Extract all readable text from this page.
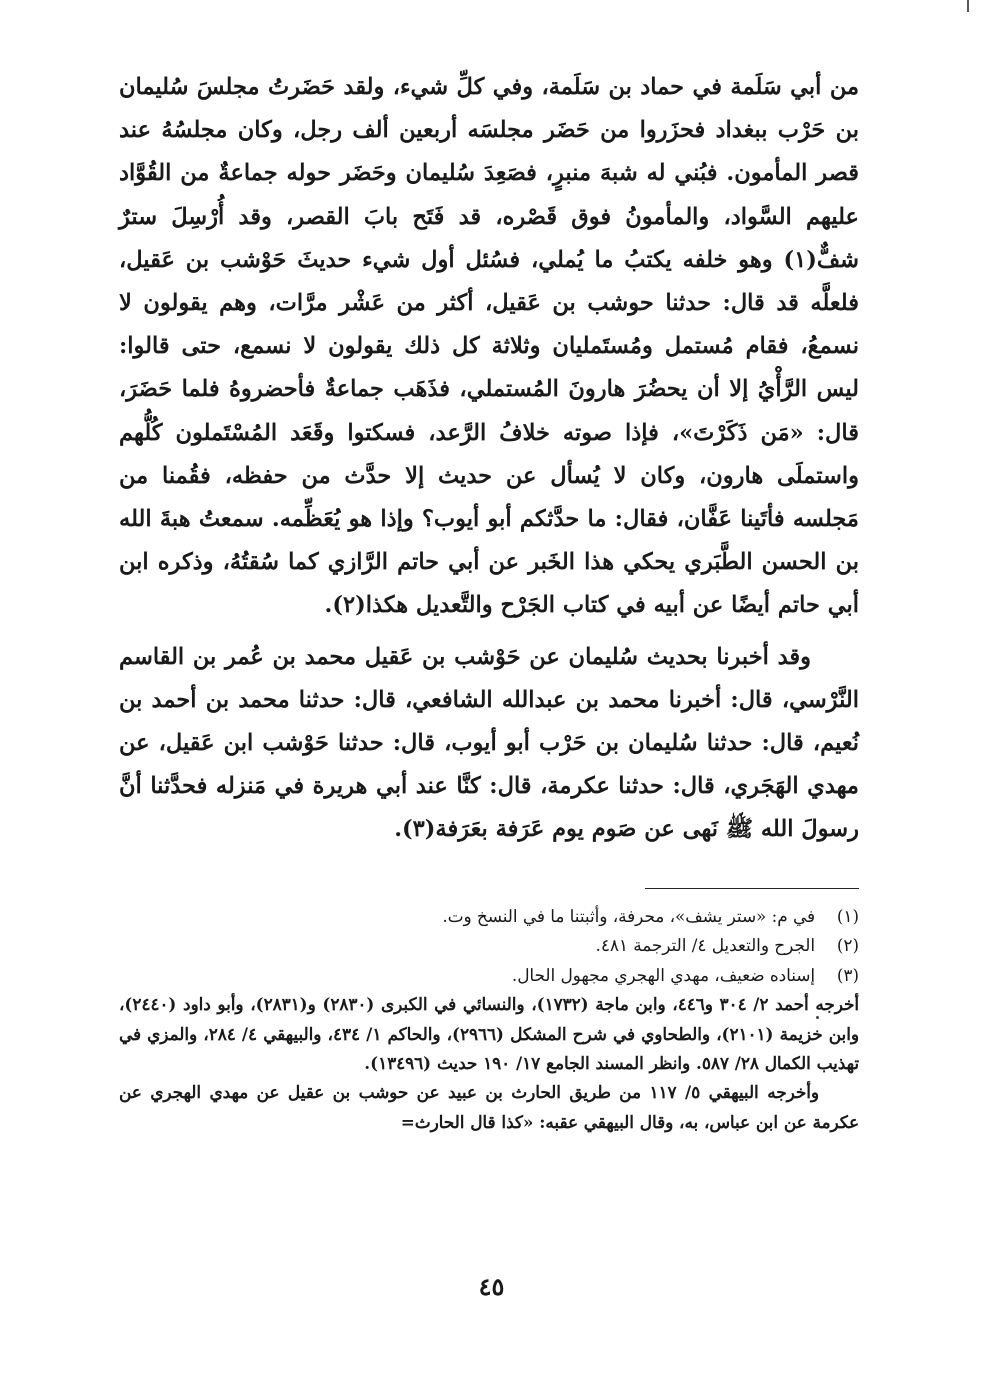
من أبي سَلَمة في حماد بن سَلَمة، وفي كلِّ شيء، ولقد حَضَرتُ مجلسَ سُليمان بن حَرْب ببغداد فحزَروا من حَضَر مجلسَه أربعين ألف رجل، وكان مجلسُهُ عند قصر المأمون. فبُني له شبهَ منبرٍ، فصَعِدَ سُليمان وحَضَر حوله جماعةٌ من القُوَّاد عليهم السَّواد، والمأمونُ فوق قَصْره، قد فَتَح بابَ القصر، وقد أُرْسِلَ سترٌ شفٌّ(١) وهو خلفه يكتبُ ما يُملي، فسُئل أول شيء حديثَ حَوْشب بن عَقيل، فلعلَّه قد قال: حدثنا حوشب بن عَقيل، أكثر من عَشْر مرَّات، وهم يقولون لا نسمعُ، فقام مُستمل ومُستَمليان وثلاثة كل ذلك يقولون لا نسمع، حتى قالوا: ليس الرَّأْيُ إلا أن يحضُرَ هارونَ المُستملي، فذَهَب جماعةٌ فأحضروهُ فلما حَضَرَ، قال: «مَن ذَكَرْتَ»، فإذا صوته خلافُ الرَّعد، فسكتوا وقَعَد المُسْتَملون كُلُّهم واستملَى هارون، وكان لا يُسأل عن حديث إلا حدَّث من حفظه، فقُمنا من مَجلسه فأتَينا عَفَّان، فقال: ما حدَّثكم أبو أيوب؟ وإذا هو يُعَظِّمه. سمعتُ هبةَ الله بن الحسن الطَّبَري يحكي هذا الخَبر عن أبي حاتم الرَّازي كما سُقتُهُ، وذكره ابن أبي حاتم أيضًا عن أبيه في كتاب الجَرْح والتَّعديل هكذا(٢).

وقد أخبرنا بحديث سُليمان عن حَوْشب بن عَقيل محمد بن عُمر بن القاسم النَّرْسي، قال: أخبرنا محمد بن عبدالله الشافعي، قال: حدثنا محمد بن أحمد بن نُعيم، قال: حدثنا سُليمان بن حَرْب أبو أيوب، قال: حدثنا حَوْشب ابن عَقيل، عن مهدي الهَجَري، قال: حدثنا عكرمة، قال: كنَّا عند أبي هريرة في مَنزله فحدَّثنا أنَّ رسولَ الله ﷺ نَهى عن صَوم يوم عَرَفة بعَرَفة(٣).

(١)
في م: «ستر يشف»، محرفة، وأثبتنا ما في النسخ وت.
(٢)
الجرح والتعديل ٤/ الترجمة ٤٨١.
(٣)
إسناده ضعيف، مهدي الهجري مجهول الحال.

أخرجه أحمد ٢/ ٣٠٤ و٤٤٦، وابن ماجة (١٧٣٢)، والنسائي في الكبرى (٢٨٣٠) و(٢٨٣١)، وأبو داود (٢٤٤٠)، وابن خزيمة (٢١٠١)، والطحاوي في شرح المشكل (٢٩٦٦)، والحاكم ١/ ٤٣٤، والبيهقي ٤/ ٢٨٤، والمزي في تهذيب الكمال ٢٨/ ٥٨٧. وانظر المسند الجامع ١٧/ ١٩٠ حديث (١٣٤٩٦).

وأخرجه البيهقي ٥/ ١١٧ من طريق الحارث بن عبيد عن حوشب بن عقيل عن مهدي الهجري عن عكرمة عن ابن عباس، به، وقال البيهقي عقبه: «كذا قال الحارث=

٤٥
